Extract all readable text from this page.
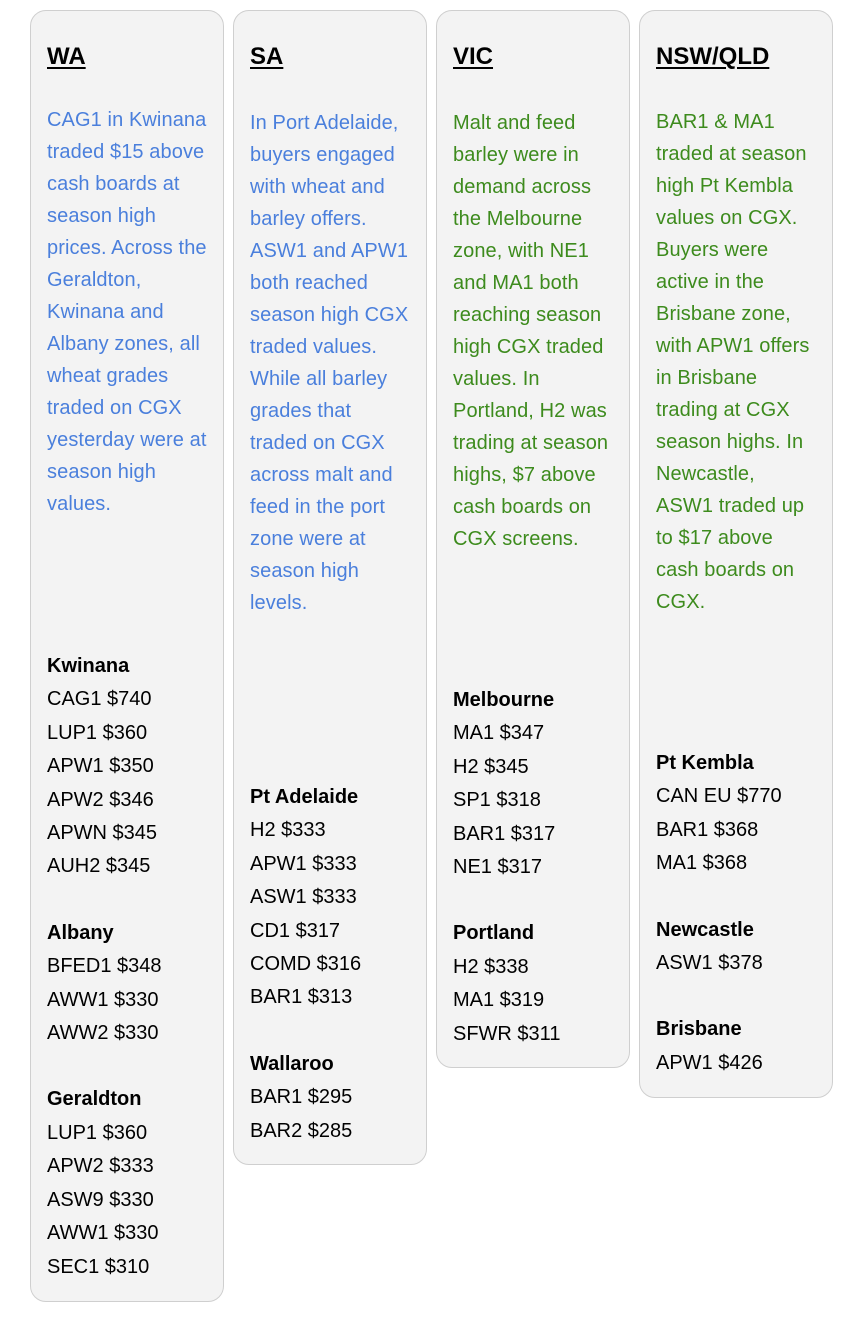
WA

CAG1 in Kwinana traded $15 above cash boards at season high prices. Across the Geraldton, Kwinana and Albany zones, all wheat grades traded on CGX yesterday were at season high values.

Kwinana
CAG1 $740
LUP1 $360
APW1 $350
APW2 $346
APWN $345
AUH2 $345
Albany
BFED1 $348
AWW1 $330
AWW2 $330
Geraldton
LUP1 $360
APW2 $333
ASW9 $330
AWW1 $330
SEC1 $310
SA

In Port Adelaide, buyers engaged with wheat and barley offers. ASW1 and APW1 both reached season high CGX traded values. While all barley grades that traded on CGX across malt and feed in the port zone were at season high levels.

Pt Adelaide
H2 $333
APW1 $333
ASW1 $333
CD1 $317
COMD $316
BAR1 $313
Wallaroo
BAR1 $295
BAR2 $285
VIC

Malt and feed barley were in demand across the Melbourne zone, with NE1 and MA1 both reaching season high CGX traded values. In Portland, H2 was trading at season highs, $7 above cash boards on CGX screens.

Melbourne
MA1 $347
H2 $345
SP1 $318
BAR1 $317
NE1 $317
Portland
H2 $338
MA1 $319
SFWR $311
NSW/QLD

BAR1 & MA1 traded at season high Pt Kembla values on CGX. Buyers were active in the Brisbane zone, with APW1 offers in Brisbane trading at CGX season highs. In Newcastle, ASW1 traded up to $17 above cash boards on CGX.

Pt Kembla
CAN EU $770
BAR1 $368
MA1 $368
Newcastle
ASW1 $378
Brisbane
APW1 $426
